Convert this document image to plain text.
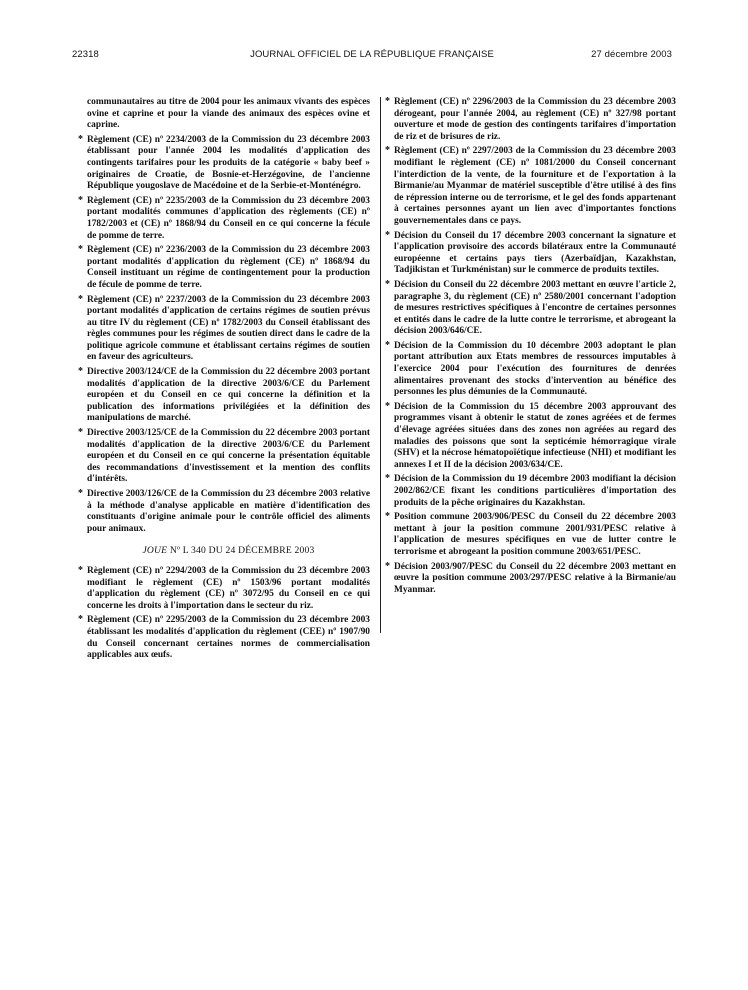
22318	JOURNAL OFFICIEL DE LA RÉPUBLIQUE FRANÇAISE	27 décembre 2003
communautaires au titre de 2004 pour les animaux vivants des espèces ovine et caprine et pour la viande des animaux des espèces ovine et caprine.
* Règlement (CE) nº 2234/2003 de la Commission du 23 décembre 2003 établissant pour l'année 2004 les modalités d'application des contingents tarifaires pour les produits de la catégorie « baby beef » originaires de Croatie, de Bosnie-et-Herzégovine, de l'ancienne République yougoslave de Macédoine et de la Serbie-et-Monténégro.
* Règlement (CE) nº 2235/2003 de la Commission du 23 décembre 2003 portant modalités communes d'application des règlements (CE) nº 1782/2003 et (CE) nº 1868/94 du Conseil en ce qui concerne la fécule de pomme de terre.
* Règlement (CE) nº 2236/2003 de la Commission du 23 décembre 2003 portant modalités d'application du règlement (CE) nº 1868/94 du Conseil instituant un régime de contingentement pour la production de fécule de pomme de terre.
* Règlement (CE) nº 2237/2003 de la Commission du 23 décembre 2003 portant modalités d'application de certains régimes de soutien prévus au titre IV du règlement (CE) nº 1782/2003 du Conseil établissant des règles communes pour les régimes de soutien direct dans le cadre de la politique agricole commune et établissant certains régimes de soutien en faveur des agriculteurs.
* Directive 2003/124/CE de la Commission du 22 décembre 2003 portant modalités d'application de la directive 2003/6/CE du Parlement européen et du Conseil en ce qui concerne la définition et la publication des informations privilégiées et la définition des manipulations de marché.
* Directive 2003/125/CE de la Commission du 22 décembre 2003 portant modalités d'application de la directive 2003/6/CE du Parlement européen et du Conseil en ce qui concerne la présentation équitable des recommandations d'investissement et la mention des conflits d'intérêts.
* Directive 2003/126/CE de la Commission du 23 décembre 2003 relative à la méthode d'analyse applicable en matière d'identification des constituants d'origine animale pour le contrôle officiel des aliments pour animaux.
JOUE Nº L 340 DU 24 DÉCEMBRE 2003
* Règlement (CE) nº 2294/2003 de la Commission du 23 décembre 2003 modifiant le règlement (CE) nº 1503/96 portant modalités d'application du règlement (CE) nº 3072/95 du Conseil en ce qui concerne les droits à l'importation dans le secteur du riz.
* Règlement (CE) nº 2295/2003 de la Commission du 23 décembre 2003 établissant les modalités d'application du règlement (CEE) nº 1907/90 du Conseil concernant certaines normes de commercialisation applicables aux œufs.
* Règlement (CE) nº 2296/2003 de la Commission du 23 décembre 2003 dérogeant, pour l'année 2004, au règlement (CE) nº 327/98 portant ouverture et mode de gestion des contingents tarifaires d'importation de riz et de brisures de riz.
* Règlement (CE) nº 2297/2003 de la Commission du 23 décembre 2003 modifiant le règlement (CE) nº 1081/2000 du Conseil concernant l'interdiction de la vente, de la fourniture et de l'exportation à la Birmanie/au Myanmar de matériel susceptible d'être utilisé à des fins de répression interne ou de terrorisme, et le gel des fonds appartenant à certaines personnes ayant un lien avec d'importantes fonctions gouvernementales dans ce pays.
* Décision du Conseil du 17 décembre 2003 concernant la signature et l'application provisoire des accords bilatéraux entre la Communauté européenne et certains pays tiers (Azerbaïdjan, Kazakhstan, Tadjikistan et Turkménistan) sur le commerce de produits textiles.
* Décision du Conseil du 22 décembre 2003 mettant en œuvre l'article 2, paragraphe 3, du règlement (CE) nº 2580/2001 concernant l'adoption de mesures restrictives spécifiques à l'encontre de certaines personnes et entités dans le cadre de la lutte contre le terrorisme, et abrogeant la décision 2003/646/CE.
* Décision de la Commission du 10 décembre 2003 adoptant le plan portant attribution aux Etats membres de ressources imputables à l'exercice 2004 pour l'exécution des fournitures de denrées alimentaires provenant des stocks d'intervention au bénéfice des personnes les plus démunies de la Communauté.
* Décision de la Commission du 15 décembre 2003 approuvant des programmes visant à obtenir le statut de zones agréées et de fermes d'élevage agréées situées dans des zones non agréées au regard des maladies des poissons que sont la septicémie hémorragique virale (SHV) et la nécrose hématopoïétique infectieuse (NHI) et modifiant les annexes I et II de la décision 2003/634/CE.
* Décision de la Commission du 19 décembre 2003 modifiant la décision 2002/862/CE fixant les conditions particulières d'importation des produits de la pêche originaires du Kazakhstan.
* Position commune 2003/906/PESC du Conseil du 22 décembre 2003 mettant à jour la position commune 2001/931/PESC relative à l'application de mesures spécifiques en vue de lutter contre le terrorisme et abrogeant la position commune 2003/651/PESC.
* Décision 2003/907/PESC du Conseil du 22 décembre 2003 mettant en œuvre la position commune 2003/297/PESC relative à la Birmanie/au Myanmar.
